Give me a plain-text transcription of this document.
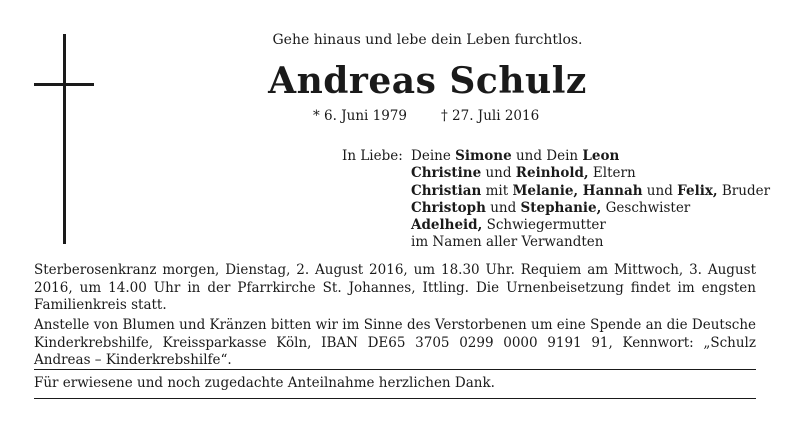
Gehe hinaus und lebe dein Leben furchtlos.
Andreas Schulz
* 6. Juni 1979	† 27. Juli 2016
In Liebe: Deine Simone und Dein Leon
Christine und Reinhold, Eltern
Christian mit Melanie, Hannah und Felix, Bruder
Christoph und Stephanie, Geschwister
Adelheid, Schwiegermutter
im Namen aller Verwandten
Sterberosenkranz morgen, Dienstag, 2. August 2016, um 18.30 Uhr. Requiem am Mittwoch, 3. August 2016, um 14.00 Uhr in der Pfarrkirche St. Johannes, Ittling. Die Urnenbeisetzung findet im engsten Familienkreis statt.
Anstelle von Blumen und Kränzen bitten wir im Sinne des Verstorbenen um eine Spende an die Deutsche Kinderkrebshilfe, Kreissparkasse Köln, IBAN DE65 3705 0299 0000 9191 91, Kennwort: „Schulz Andreas – Kinderkrebshilfe“.
Für erwiesene und noch zugedachte Anteilnahme herzlichen Dank.
